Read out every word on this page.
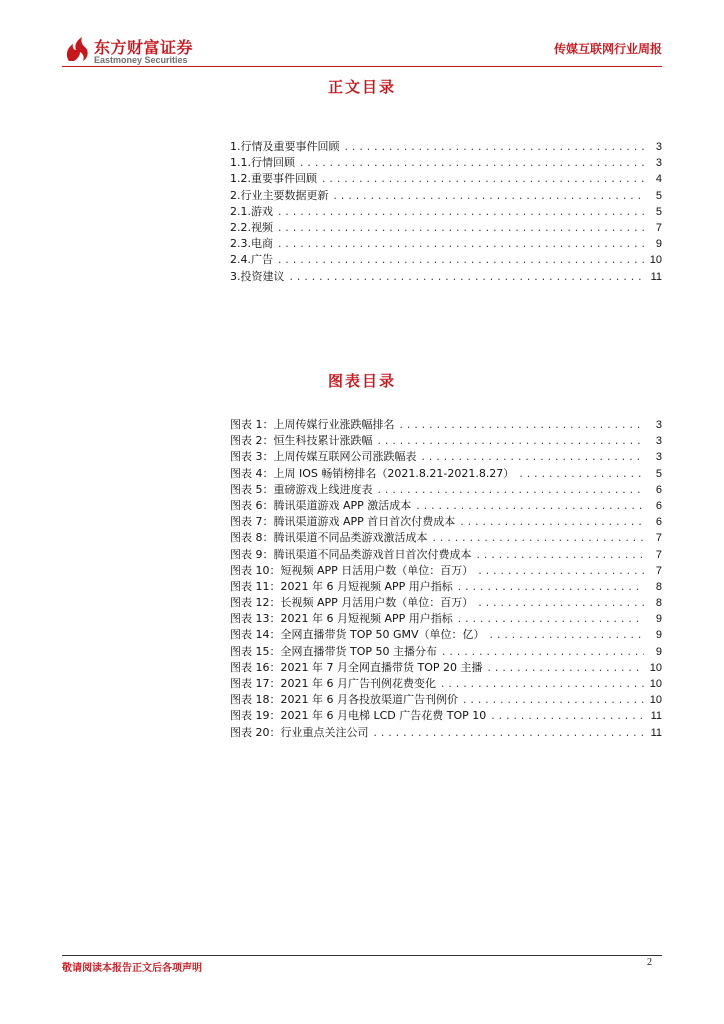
东方财富证券
Eastmoney Securities
传媒互联网行业周报
正文目录
1.行情及重要事件回顾 .....	3
1.1.行情回顾 .....	3
1.2.重要事件回顾 .....	4
2.行业主要数据更新 .....	5
2.1.游戏 .....	5
2.2.视频 .....	7
2.3.电商 .....	9
2.4.广告 .....	10
3.投资建议 .....	11
图表目录
图表 1：上周传媒行业涨跌幅排名 .....	3
图表 2：恒生科技累计涨跌幅 .....	3
图表 3：上周传媒互联网公司涨跌幅表 .....	3
图表 4：上周 IOS 畅销榜排名（2021.8.21-2021.8.27） .....	5
图表 5：重磅游戏上线进度表 .....	6
图表 6：腾讯渠道游戏 APP 激活成本 .....	6
图表 7：腾讯渠道游戏 APP 首日首次付费成本 .....	6
图表 8：腾讯渠道不同品类游戏激活成本 .....	7
图表 9：腾讯渠道不同品类游戏首日首次付费成本 .....	7
图表 10：短视频 APP 日活用户数（单位：百万） .....	7
图表 11：2021 年 6 月短视频 APP 用户指标 .....	8
图表 12：长视频 APP 月活用户数（单位：百万） .....	8
图表 13：2021 年 6 月短视频 APP 用户指标 .....	9
图表 14：全网直播带货 TOP 50 GMV（单位：亿） .....	9
图表 15：全网直播带货 TOP 50 主播分布 .....	9
图表 16：2021 年 7 月全网直播带货 TOP 20 主播 .....	10
图表 17：2021 年 6 月广告刊例花费变化 .....	10
图表 18：2021 年 6 月各投放渠道广告刊例价 .....	10
图表 19：2021 年 6 月电梯 LCD 广告花费 TOP 10 .....	11
图表 20：行业重点关注公司 .....	11
敬请阅读本报告正文后各项声明
2
